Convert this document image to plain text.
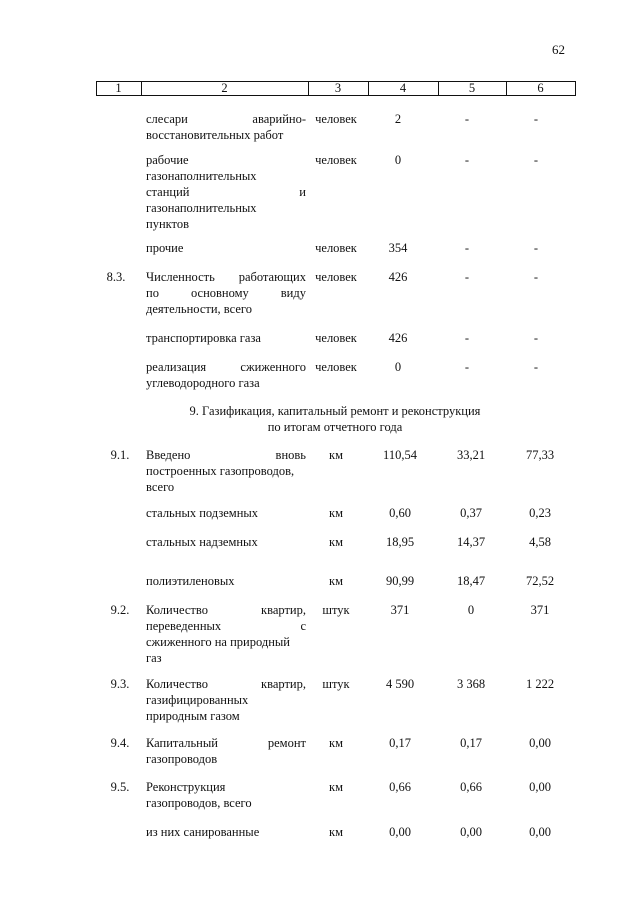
62
1	2	3	4	5	6
слесари аварийно-
восстановительных работ
человек	2	-	-
рабочие
газонаполнительных
станций и
газонаполнительных
пунктов
человек	0	-	-
прочие	человек	354	-	-
8.3.	Численность работающих
по основному виду
деятельности, всего
человек	426	-	-
транспортировка газа	человек	426	-	-
реализация сжиженного
углеводородного газа
человек	0	-	-
9.1.	Введено вновь
построенных газопроводов,
всего
км	110,54	33,21	77,33
стальных подземных	км	0,60	0,37	0,23
стальных надземных	км	18,95	14,37	4,58
полиэтиленовых	км	90,99	18,47	72,52
9.2.	Количество квартир,
переведенных с
сжиженного на природный
газ
штук	371	0	371
9.3.	Количество квартир,
газифицированных
природным газом
штук	4 590	3 368	1 222
9.4.	Капитальный ремонт
газопроводов
км	0,17	0,17	0,00
9.5.	Реконструкция
газопроводов, всего
км	0,66	0,66	0,00
из них санированные	км	0,00	0,00	0,00
9. Газификация, капитальный ремонт и реконструкция
по итогам отчетного года
